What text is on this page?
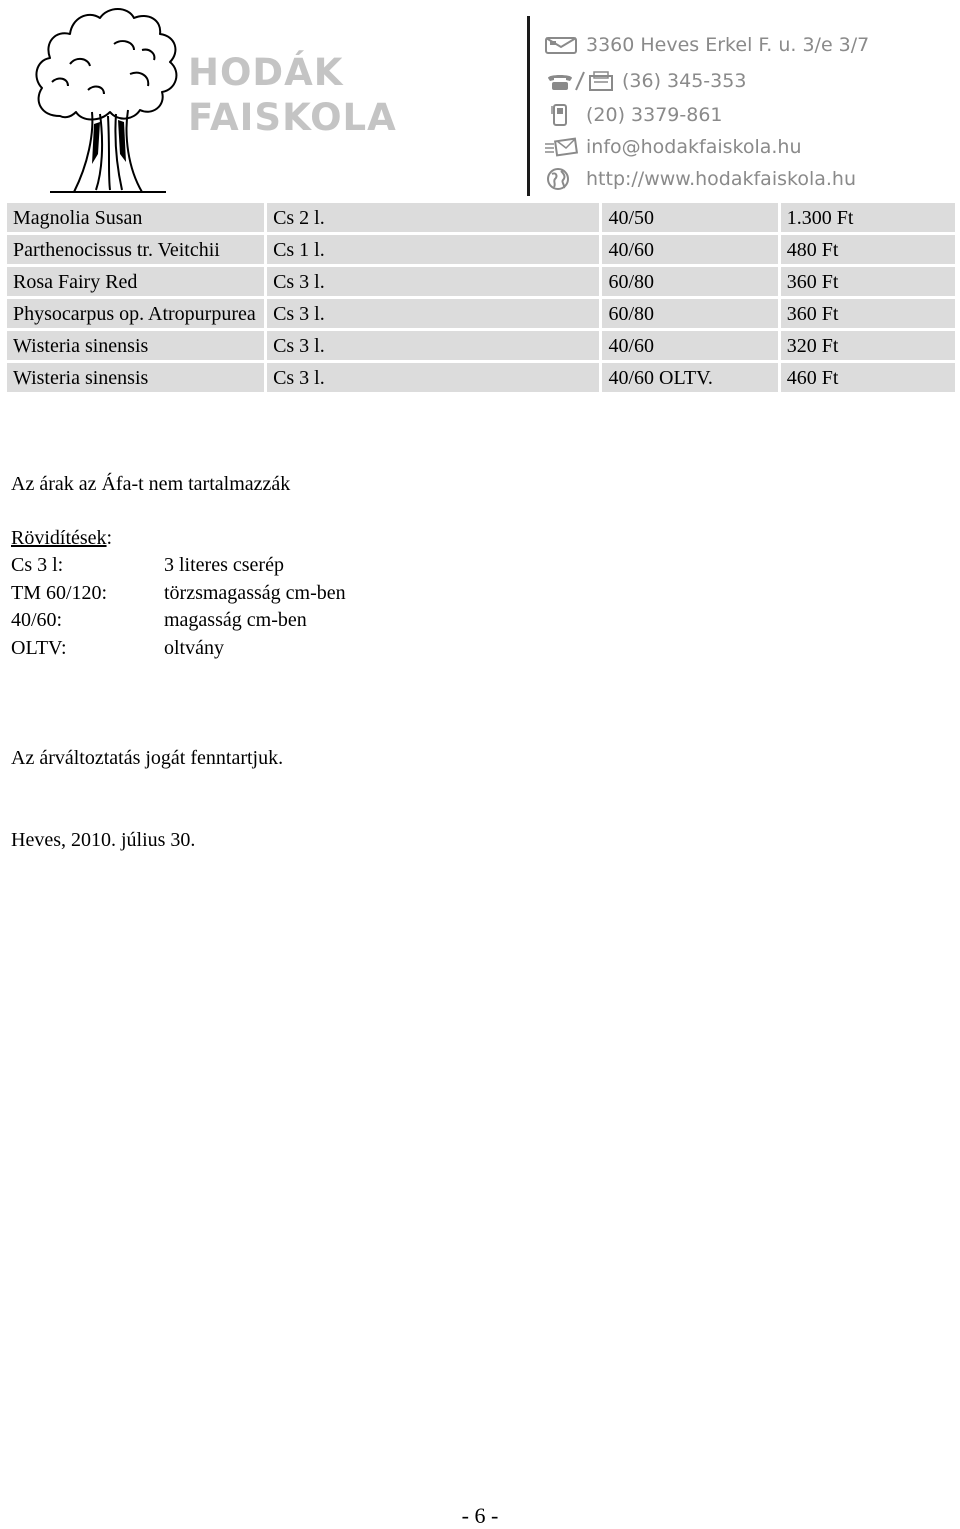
HODÁK
FAISKOLA
3360 Heves Erkel F. u. 3/e 3/7
(36) 345-353
(20) 3379-861
info@hodakfaiskola.hu
http://www.hodakfaiskola.hu
Magnolia Susan	Cs 2 l.	40/50	1.300 Ft
Parthenocissus tr. Veitchii	Cs 1 l.	40/60	480 Ft
Rosa Fairy Red	Cs 3 l.	60/80	360 Ft
Physocarpus op. Atropurpurea	Cs 3 l.	60/80	360 Ft
Wisteria sinensis	Cs 3 l.	40/60	320 Ft
Wisteria sinensis	Cs 3 l.	40/60 OLTV.	460 Ft
Az árak az Áfa-t nem tartalmazzák
Rövidítések:
Cs 3 l:	3 literes cserép
TM 60/120:	törzsmagasság cm-ben
40/60:	magasság cm-ben
OLTV:	oltvány
Az árváltoztatás jogát fenntartjuk.
Heves, 2010. július 30.
- 6 -
